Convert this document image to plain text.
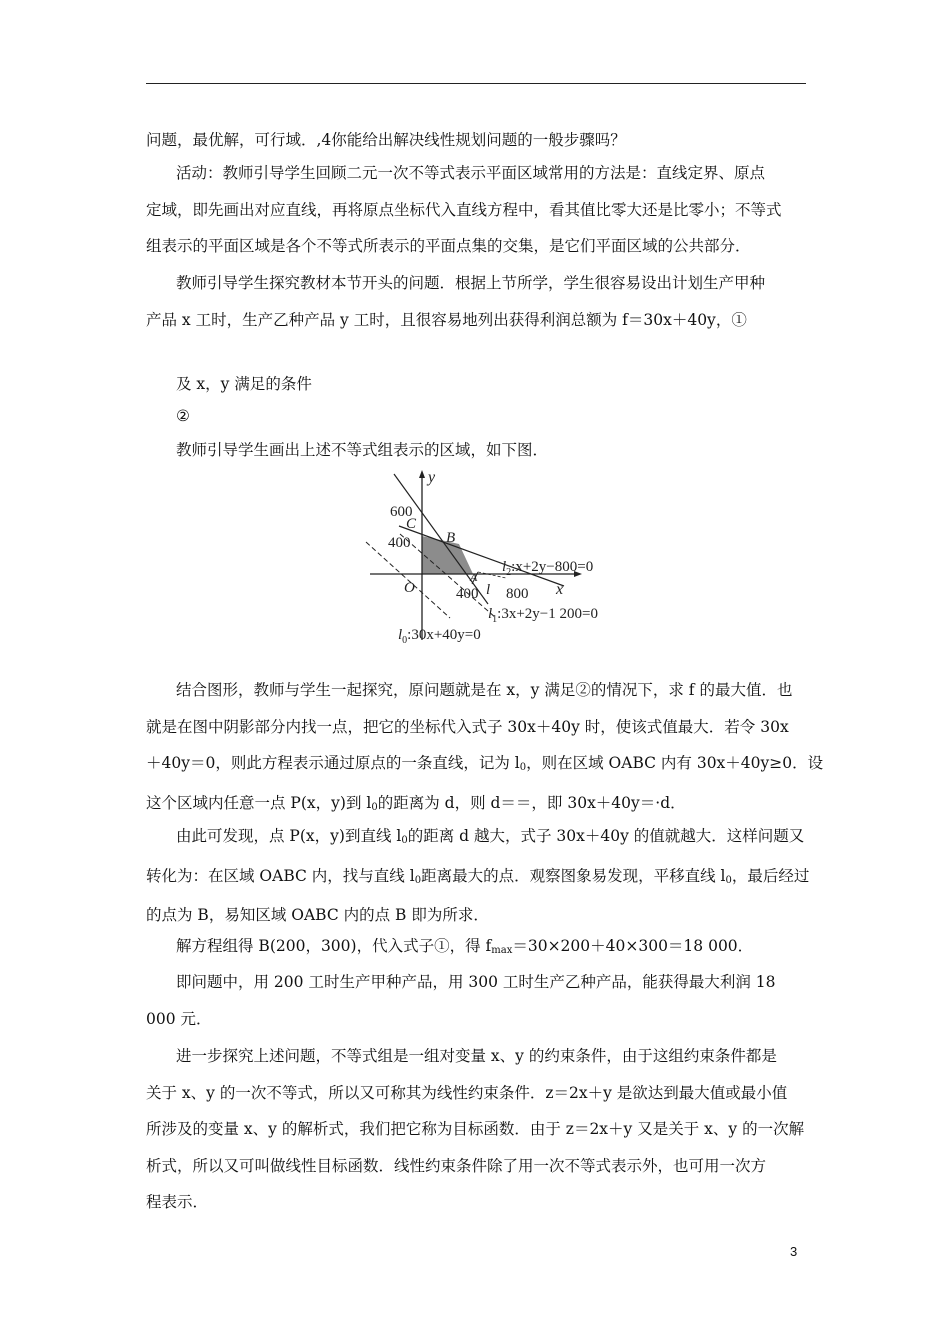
问题，最优解，可行域．,4你能给出解决线性规划问题的一般步骤吗？

活动：教师引导学生回顾二元一次不等式表示平面区域常用的方法是：直线定界、原点
定域，即先画出对应直线，再将原点坐标代入直线方程中，看其值比零大还是比零小；不等式
组表示的平面区域是各个不等式所表示的平面点集的交集，是它们平面区域的公共部分．

教师引导学生探究教材本节开头的问题．根据上节所学，学生很容易设出计划生产甲种
产品 x 工时，生产乙种产品 y 工时，且很容易地列出获得利润总额为 f＝30x＋40y，①

及 x，y 满足的条件

②

教师引导学生画出上述不等式组表示的区域，如下图．

y
600
C
400 B
$l_2:x+2y-800=0$
A
O	400 l 800 x
$l_1:3x+2y-1$ 200=0
$l_0:30x+40y=0$

结合图形，教师与学生一起探究，原问题就是在 x，y 满足②的情况下，求 f 的最大值．也
就是在图中阴影部分内找一点，把它的坐标代入式子 30x＋40y 时，使该式值最大．若令 30x
＋40y＝0，则此方程表示通过原点的一条直线，记为 l0，则在区域 OABC 内有 30x＋40y≥0．设
这个区域内任意一点 P(x，y)到 l0的距离为 d，则 d＝＝，即 30x＋40y＝·d．

由此可发现，点 P(x，y)到直线 l0的距离 d 越大，式子 30x＋40y 的值就越大．这样问题又
转化为：在区域 OABC 内，找与直线 l0距离最大的点．观察图象易发现，平移直线 l0，最后经过
的点为 B，易知区域 OABC 内的点 B 即为所求．

解方程组得 B(200，300)，代入式子①，得 fmax＝30×200＋40×300＝18 000．

即问题中，用 200 工时生产甲种产品，用 300 工时生产乙种产品，能获得最大利润 18
000 元．

进一步探究上述问题，不等式组是一组对变量 x、y 的约束条件，由于这组约束条件都是
关于 x、y 的一次不等式，所以又可称其为线性约束条件．z＝2x＋y 是欲达到最大值或最小值
所涉及的变量 x、y 的解析式，我们把它称为目标函数．由于 z＝2x＋y 又是关于 x、y 的一次解
析式，所以又可叫做线性目标函数．线性约束条件除了用一次不等式表示外，也可用一次方
程表示．

3
